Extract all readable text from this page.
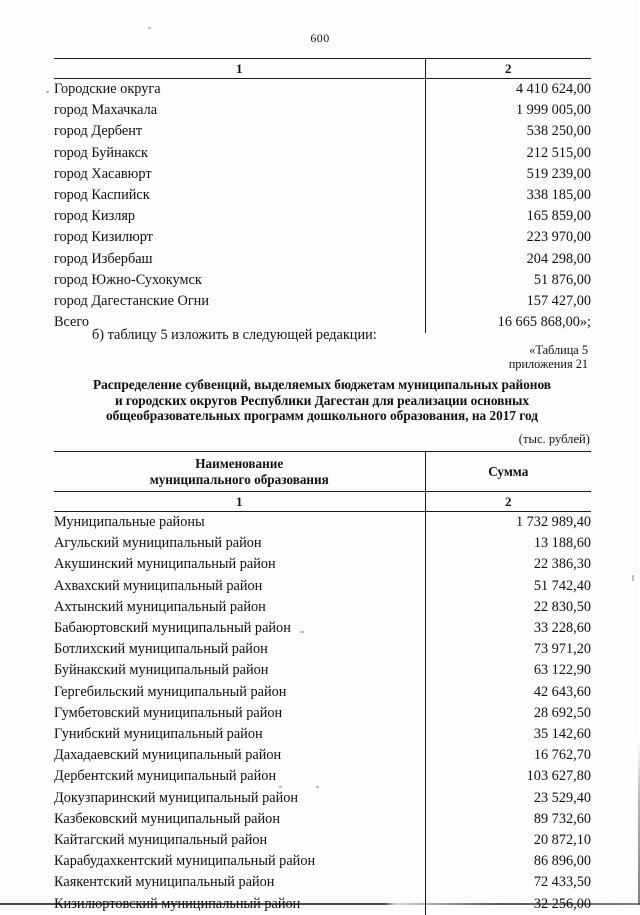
600
1	2
Городские округа	4 410 624,00
город Махачкала	1 999 005,00
город Дербент	538 250,00
город Буйнакск	212 515,00
город Хасавюрт	519 239,00
город Каспийск	338 185,00
город Кизляр	165 859,00
город Кизилюрт	223 970,00
город Избербаш	204 298,00
город Южно-Сухокумск	51 876,00
город Дагестанские Огни	157 427,00
Всего	16 665 868,00»;
б) таблицу 5 изложить в следующей редакции:
«Таблица 5
приложения 21
Распределение субвенций, выделяемых бюджетам муниципальных районов
и городских округов Республики Дагестан для реализации основных
общеобразовательных программ дошкольного образования, на 2017 год
(тыс. рублей)
Наименование
муниципального образования	Сумма
1	2
Муниципальные районы	1 732 989,40
Агульский муниципальный район	13 188,60
Акушинский муниципальный район	22 386,30
Ахвахский муниципальный район	51 742,40
Ахтынский муниципальный район	22 830,50
Бабаюртовский муниципальный район	33 228,60
Ботлихский муниципальный район	73 971,20
Буйнакский муниципальный район	63 122,90
Гергебильский муниципальный район	42 643,60
Гумбетовский муниципальный район	28 692,50
Гунибский муниципальный район	35 142,60
Дахадаевский муниципальный район	16 762,70
Дербентский муниципальный район	103 627,80
Докузпаринский муниципальный район	23 529,40
Казбековский муниципальный район	89 732,60
Кайтагский муниципальный район	20 872,10
Карабудахкентский муниципальный район	86 896,00
Каякентский муниципальный район	72 433,50
Кизилюртовский муниципальный район	32 256,00
